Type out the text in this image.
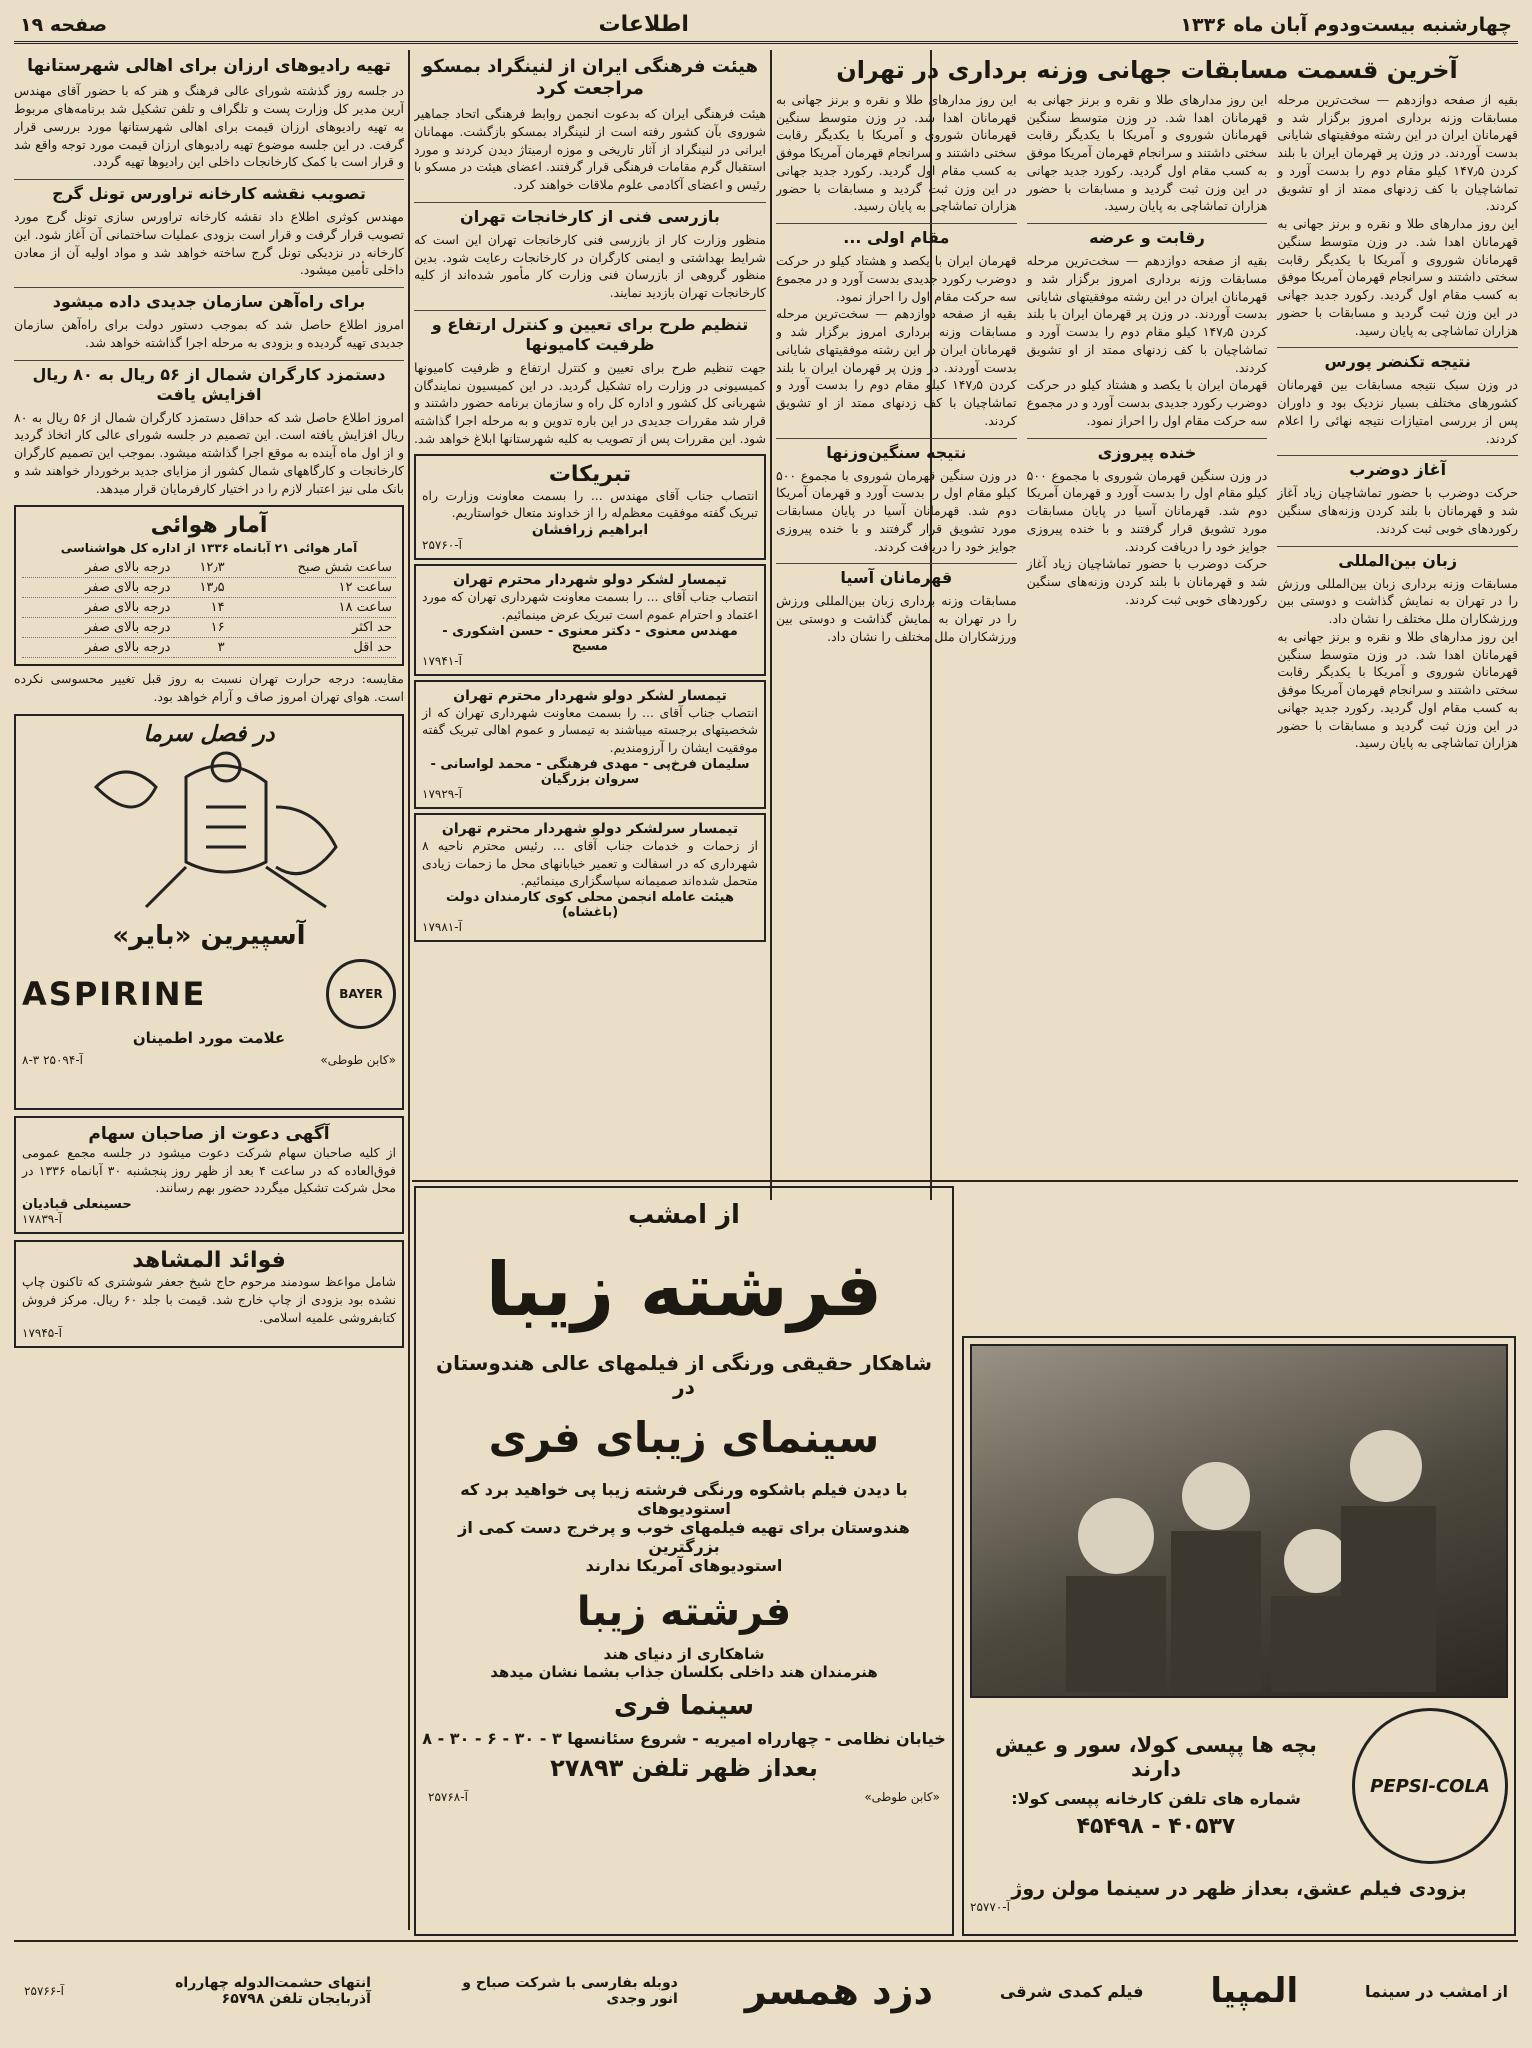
چهارشنبه بیست‌ودوم آبان ماه ۱۳۳۶
اطلاعات
صفحه ۱۹
آخرین قسمت مسابقات جهانی وزنه برداری در تهران

بقیه از صفحه دوازدهم — سخت‌ترین مرحله مسابقات وزنه برداری امروز برگزار شد و قهرمانان ایران در این رشته موفقیتهای شایانی بدست آوردند. در وزن پر قهرمان ایران با بلند کردن ۱۴۷٫۵ کیلو مقام دوم را بدست آورد و تماشاچیان با کف زدنهای ممتد از او تشویق کردند.

این روز مدارهای طلا و نقره و برنز جهانی به قهرمانان اهدا شد. در وزن متوسط سنگین قهرمانان شوروی و آمریکا با یکدیگر رقابت سختی داشتند و سرانجام قهرمان آمریکا موفق به کسب مقام اول گردید. رکورد جدید جهانی در این وزن ثبت گردید و مسابقات با حضور هزاران تماشاچی به پایان رسید.

نتیجه تکنضر پورس

در وزن سبک نتیجه مسابقات بین قهرمانان کشورهای مختلف بسیار نزدیک بود و داوران پس از بررسی امتیازات نتیجه نهائی را اعلام کردند.

آغاز دوضرب

حرکت دوضرب با حضور تماشاچیان زیاد آغاز شد و قهرمانان با بلند کردن وزنه‌های سنگین رکوردهای خوبی ثبت کردند.

زبان بین‌المللی

مسابقات وزنه برداری زبان بین‌المللی ورزش را در تهران به نمایش گذاشت و دوستی بین ورزشکاران ملل مختلف را نشان داد.

این روز مدارهای طلا و نقره و برنز جهانی به قهرمانان اهدا شد. در وزن متوسط سنگین قهرمانان شوروی و آمریکا با یکدیگر رقابت سختی داشتند و سرانجام قهرمان آمریکا موفق به کسب مقام اول گردید. رکورد جدید جهانی در این وزن ثبت گردید و مسابقات با حضور هزاران تماشاچی به پایان رسید.

این روز مدارهای طلا و نقره و برنز جهانی به قهرمانان اهدا شد. در وزن متوسط سنگین قهرمانان شوروی و آمریکا با یکدیگر رقابت سختی داشتند و سرانجام قهرمان آمریکا موفق به کسب مقام اول گردید. رکورد جدید جهانی در این وزن ثبت گردید و مسابقات با حضور هزاران تماشاچی به پایان رسید.

رقابت و عرضه

بقیه از صفحه دوازدهم — سخت‌ترین مرحله مسابقات وزنه برداری امروز برگزار شد و قهرمانان ایران در این رشته موفقیتهای شایانی بدست آوردند. در وزن پر قهرمان ایران با بلند کردن ۱۴۷٫۵ کیلو مقام دوم را بدست آورد و تماشاچیان با کف زدنهای ممتد از او تشویق کردند.

قهرمان ایران با یکصد و هشتاد کیلو در حرکت دوضرب رکورد جدیدی بدست آورد و در مجموع سه حرکت مقام اول را احراز نمود.

خنده پیروزی

در وزن سنگین قهرمان شوروی با مجموع ۵۰۰ کیلو مقام اول را بدست آورد و قهرمان آمریکا دوم شد. قهرمانان آسیا در پایان مسابقات مورد تشویق قرار گرفتند و با خنده پیروزی جوایز خود را دریافت کردند.

حرکت دوضرب با حضور تماشاچیان زیاد آغاز شد و قهرمانان با بلند کردن وزنه‌های سنگین رکوردهای خوبی ثبت کردند.

این روز مدارهای طلا و نقره و برنز جهانی به قهرمانان اهدا شد. در وزن متوسط سنگین قهرمانان شوروی و آمریکا با یکدیگر رقابت سختی داشتند و سرانجام قهرمان آمریکا موفق به کسب مقام اول گردید. رکورد جدید جهانی در این وزن ثبت گردید و مسابقات با حضور هزاران تماشاچی به پایان رسید.

مقام اولی ...

قهرمان ایران با یکصد و هشتاد کیلو در حرکت دوضرب رکورد جدیدی بدست آورد و در مجموع سه حرکت مقام اول را احراز نمود.

بقیه از صفحه دوازدهم — سخت‌ترین مرحله مسابقات وزنه برداری امروز برگزار شد و قهرمانان ایران در این رشته موفقیتهای شایانی بدست آوردند. در وزن پر قهرمان ایران با بلند کردن ۱۴۷٫۵ کیلو مقام دوم را بدست آورد و تماشاچیان با کف زدنهای ممتد از او تشویق کردند.

نتیجه سنگین‌وزنها

در وزن سنگین قهرمان شوروی با مجموع ۵۰۰ کیلو مقام اول را بدست آورد و قهرمان آمریکا دوم شد. قهرمانان آسیا در پایان مسابقات مورد تشویق قرار گرفتند و با خنده پیروزی جوایز خود را دریافت کردند.

قهرمانان آسیا

مسابقات وزنه برداری زبان بین‌المللی ورزش را در تهران به نمایش گذاشت و دوستی بین ورزشکاران ملل مختلف را نشان داد.

هیئت فرهنگی ایران از لنینگراد بمسکو مراجعت کرد

هیئت فرهنگی ایران که بدعوت انجمن روابط فرهنگی اتحاد جماهیر شوروی بآن کشور رفته است از لنینگراد بمسکو بازگشت. مهمانان ایرانی در لنینگراد از آثار تاریخی و موزه ارمیتاژ دیدن کردند و مورد استقبال گرم مقامات فرهنگی قرار گرفتند. اعضای هیئت در مسکو با رئیس و اعضای آکادمی علوم ملاقات خواهند کرد.

بازرسی فنی از کارخانجات تهران

منظور وزارت کار از بازرسی فنی کارخانجات تهران این است که شرایط بهداشتی و ایمنی کارگران در کارخانجات رعایت شود. بدین منظور گروهی از بازرسان فنی وزارت کار مأمور شده‌اند از کلیه کارخانجات تهران بازدید نمایند.

تنظیم طرح برای تعیین و کنترل ارتفاع و ظرفیت کامیونها

جهت تنظیم طرح برای تعیین و کنترل ارتفاع و ظرفیت کامیونها کمیسیونی در وزارت راه تشکیل گردید. در این کمیسیون نمایندگان شهربانی کل کشور و اداره کل راه و سازمان برنامه حضور داشتند و قرار شد مقررات جدیدی در این باره تدوین و به مرحله اجرا گذاشته شود. این مقررات پس از تصویب به کلیه شهرستانها ابلاغ خواهد شد.

تبریکات

انتصاب جناب آقای مهندس ... را بسمت معاونت وزارت راه تبریک گفته موفقیت معظم‌له را از خداوند متعال خواستاریم.

ابراهیم زرافشان
آ-۲۵۷۶۰
تیمسار لشکر دولو شهردار محترم تهران

انتصاب جناب آقای ... را بسمت معاونت شهرداری تهران که مورد اعتماد و احترام عموم است تبریک عرض مینمائیم.

مهندس معنوی - دکتر معنوی - حسن اشکوری - مسیح
آ-۱۷۹۴۱
تیمسار لشکر دولو شهردار محترم تهران

انتصاب جناب آقای ... را بسمت معاونت شهرداری تهران که از شخصیتهای برجسته میباشند به تیمسار و عموم اهالی تبریک گفته موفقیت ایشان را آرزومندیم.

سلیمان فرخ‌پی - مهدی فرهنگی - محمد لواسانی - سروان بزرگیان
آ-۱۷۹۲۹
تیمسار سرلشکر دولو شهردار محترم تهران

از زحمات و خدمات جناب آقای ... رئیس محترم ناحیه ۸ شهرداری که در اسفالت و تعمیر خیابانهای محل ما زحمات زیادی متحمل شده‌اند صمیمانه سپاسگزاری مینمائیم.

هیئت عامله انجمن محلی کوی کارمندان دولت (باغشاه)
آ-۱۷۹۸۱
تهیه رادیوهای ارزان برای اهالی شهرستانها

در جلسه روز گذشته شورای عالی فرهنگ و هنر که با حضور آقای مهندس آرین مدیر کل وزارت پست و تلگراف و تلفن تشکیل شد برنامه‌های مربوط به تهیه رادیوهای ارزان قیمت برای اهالی شهرستانها مورد بررسی قرار گرفت. در این جلسه موضوع تهیه رادیوهای ارزان قیمت مورد توجه واقع شد و قرار است با کمک کارخانجات داخلی این رادیوها تهیه گردد.

تصویب نقشه کارخانه تراورس تونل گرج

مهندس کوثری اطلاع داد نقشه کارخانه تراورس سازی تونل گرج مورد تصویب قرار گرفت و قرار است بزودی عملیات ساختمانی آن آغاز شود. این کارخانه در نزدیکی تونل گرج ساخته خواهد شد و مواد اولیه آن از معادن داخلی تأمین میشود.

برای راه‌آهن سازمان جدیدی داده میشود

امروز اطلاع حاصل شد که بموجب دستور دولت برای راه‌آهن سازمان جدیدی تهیه گردیده و بزودی به مرحله اجرا گذاشته خواهد شد.

دستمزد کارگران شمال از ۵۶ ریال به ۸۰ ریال افزایش یافت

امروز اطلاع حاصل شد که حداقل دستمزد کارگران شمال از ۵۶ ریال به ۸۰ ریال افزایش یافته است. این تصمیم در جلسه شورای عالی کار اتخاذ گردید و از اول ماه آینده به موقع اجرا گذاشته میشود. بموجب این تصمیم کارگران کارخانجات و کارگاههای شمال کشور از مزایای جدید برخوردار خواهند شد و بانک ملی نیز اعتبار لازم را در اختیار کارفرمایان قرار میدهد.

آمار هوائی
آمار هوائی ۲۱ آبانماه ۱۳۳۶ از اداره کل هواشناسی
ساعت شش صبح	۱۲٫۳	درجه بالای صفر
ساعت ۱۲	۱۳٫۵	درجه بالای صفر
ساعت ۱۸	۱۴	درجه بالای صفر
حد اکثر	۱۶	درجه بالای صفر
حد اقل	۳	درجه بالای صفر

مقایسه: درجه حرارت تهران نسبت به روز قبل تغییر محسوسی نکرده است. هوای تهران امروز صاف و آرام خواهد بود.

در فصل سرما
آسپیرین «بایر»
BAYER
ASPIRINE
علامت مورد اطمینان
«کابن طوطی»
آ-۲۵۰۹۴ ۳-۸
آگهی دعوت از صاحبان سهام

از کلیه صاحبان سهام شرکت دعوت میشود در جلسه مجمع عمومی فوق‌العاده که در ساعت ۴ بعد از ظهر روز پنجشنبه ۳۰ آبانماه ۱۳۳۶ در محل شرکت تشکیل میگردد حضور بهم رسانند.

حسینعلی قبادیان
آ-۱۷۸۳۹
فوائد المشاهد

شامل مواعظ سودمند مرحوم حاج شیخ جعفر شوشتری که تاکنون چاپ نشده بود بزودی از چاپ خارج شد. قیمت با جلد ۶۰ ریال. مرکز فروش کتابفروشی علمیه اسلامی.

آ-۱۷۹۴۵
از امشب
فرشته زیبا
شاهکار حقیقی ورنگی از فیلمهای عالی هندوستان در
سینمای زیبای فری
با دیدن فیلم باشکوه ورنگی فرشته زیبا پی خواهید برد که استودیوهای
هندوستان برای تهیه فیلمهای خوب و پرخرج دست کمی از بزرگترین
استودیوهای آمریکا ندارند
فرشته زیبا
شاهکاری از دنیای هند
هنرمندان هند داخلی بکلسان جذاب بشما نشان میدهد
سینما فری
خیابان نظامی - چهارراه امیریه - شروع سئانسها ۳ - ۳۰ - ۶ - ۳۰ - ۸
بعداز ظهر تلفن ۲۷۸۹۳
«کابن طوطی»
آ-۲۵۷۶۸
PEPSI-COLA
بچه ها پپسی کولا، سور و عیش دارند
شماره های تلفن کارخانه پپسی کولا:
۴۰۵۳۷ - ۴۵۴۹۸
بزودی فیلم عشق، بعداز ظهر در سینما مولن روژ
آ-۲۵۷۷۰
از امشب در سینما
المپیا
فیلم کمدی شرقی
دزد همسر
دوبله بفارسی با شرکت صباح و انور وجدی
انتهای حشمت‌الدوله چهارراه آذربایجان تلفن ۶۵۷۹۸
آ-۲۵۷۶۶
